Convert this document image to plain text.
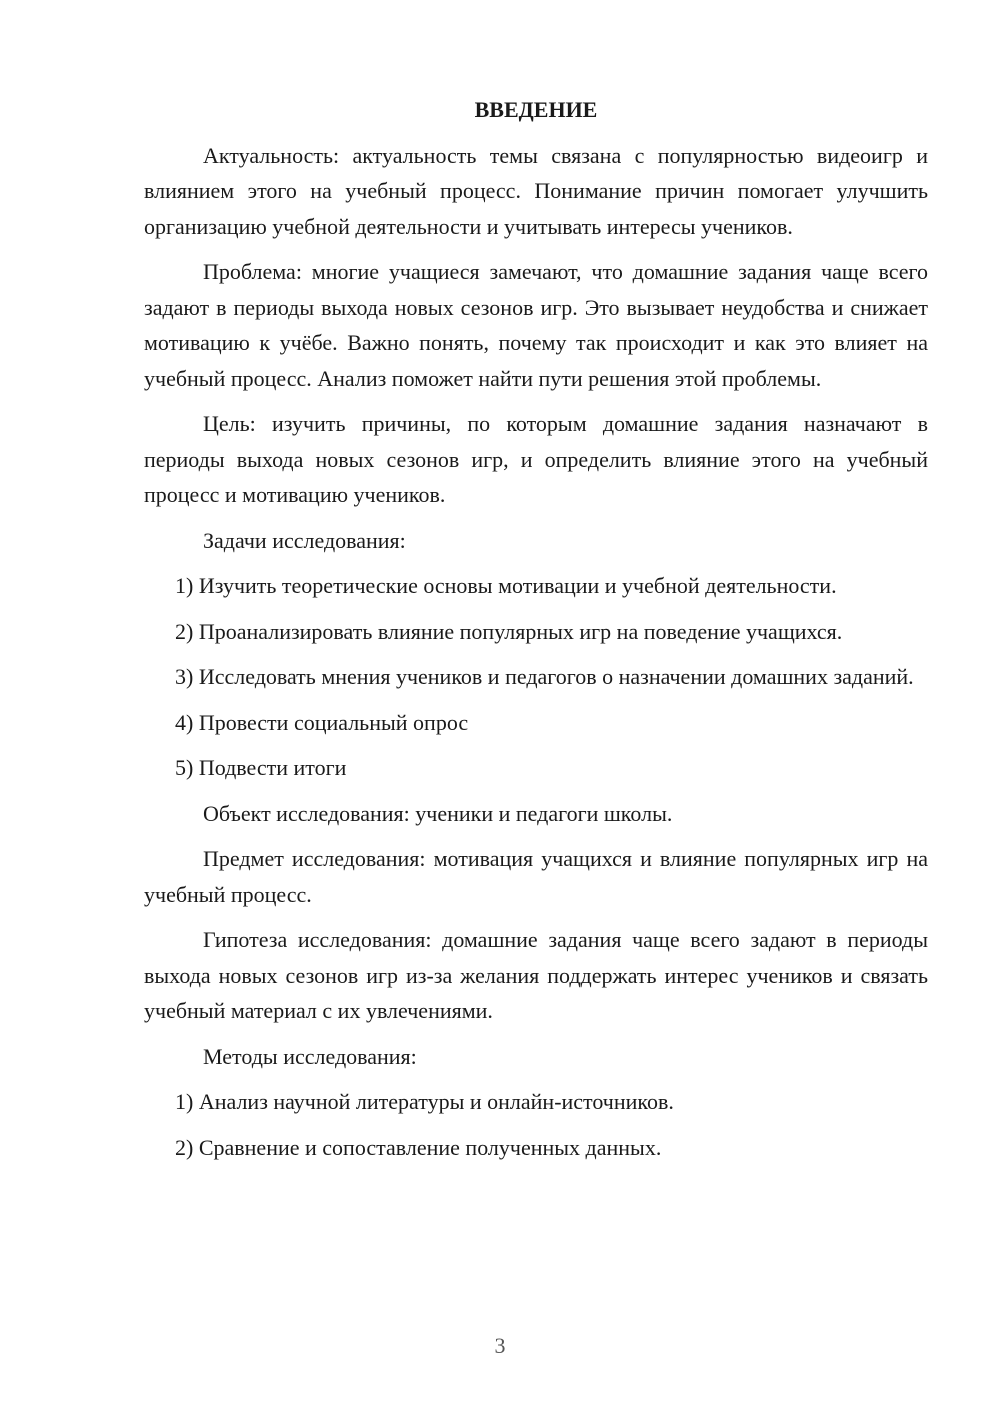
ВВЕДЕНИЕ

Актуальность: актуальность темы связана с популярностью видеоигр и влиянием этого на учебный процесс. Понимание причин помогает улучшить организацию учебной деятельности и учитывать интересы учеников.

Проблема: многие учащиеся замечают, что домашние задания чаще всего задают в периоды выхода новых сезонов игр. Это вызывает неудобства и снижает мотивацию к учёбе. Важно понять, почему так происходит и как это влияет на учебный процесс. Анализ поможет найти пути решения этой проблемы.

Цель: изучить причины, по которым домашние задания назначают в периоды выхода новых сезонов игр, и определить влияние этого на учебный процесс и мотивацию учеников.

Задачи исследования:

1) Изучить теоретические основы мотивации и учебной деятельности.

2) Проанализировать влияние популярных игр на поведение учащихся.

3) Исследовать мнения учеников и педагогов о назначении домашних заданий.

4) Провести социальный опрос

5) Подвести итоги

Объект исследования: ученики и педагоги школы.

Предмет исследования: мотивация учащихся и влияние популярных игр на учебный процесс.

Гипотеза исследования: домашние задания чаще всего задают в периоды выхода новых сезонов игр из-за желания поддержать интерес учеников и связать учебный материал с их увлечениями.

Методы исследования:

1) Анализ научной литературы и онлайн-источников.

2) Сравнение и сопоставление полученных данных.

3
